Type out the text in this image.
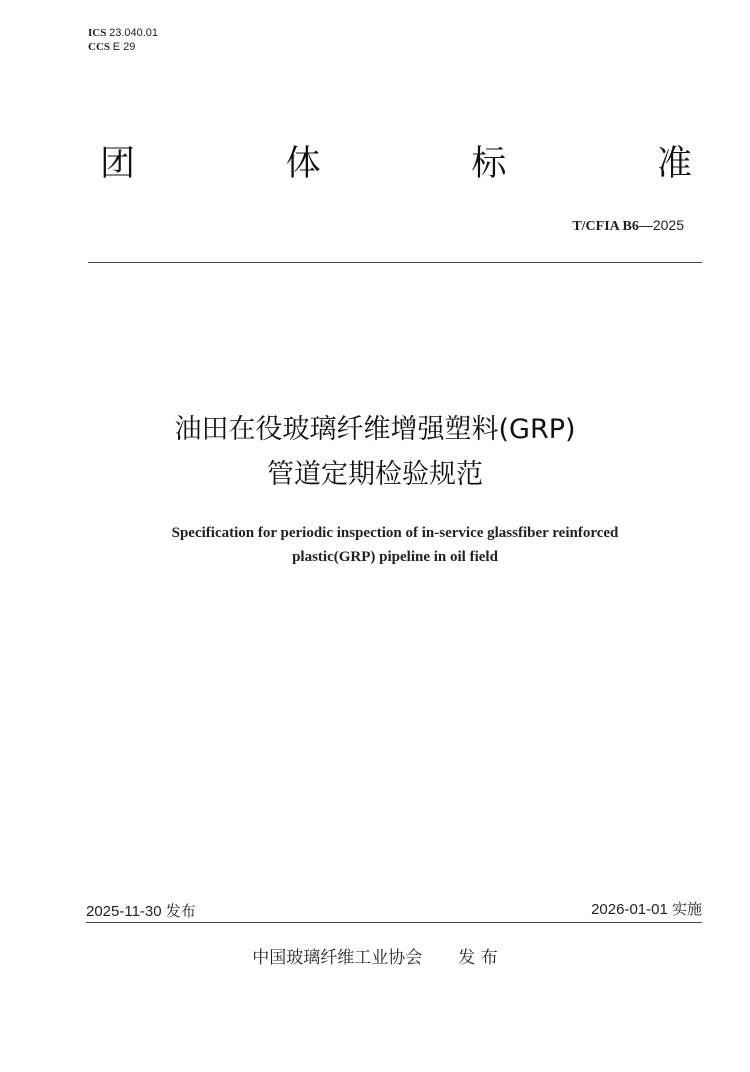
ICS 23.040.01
CCS E 29
团	体	标	准
T/CFIA B6—2025
油田在役玻璃纤维增强塑料(GRP)
管道定期检验规范
Specification for periodic inspection of in-service glassfiber reinforced
plastic(GRP) pipeline in oil field
2025-11-30 发布	2026-01-01 实施
中国玻璃纤维工业协会 发 布
